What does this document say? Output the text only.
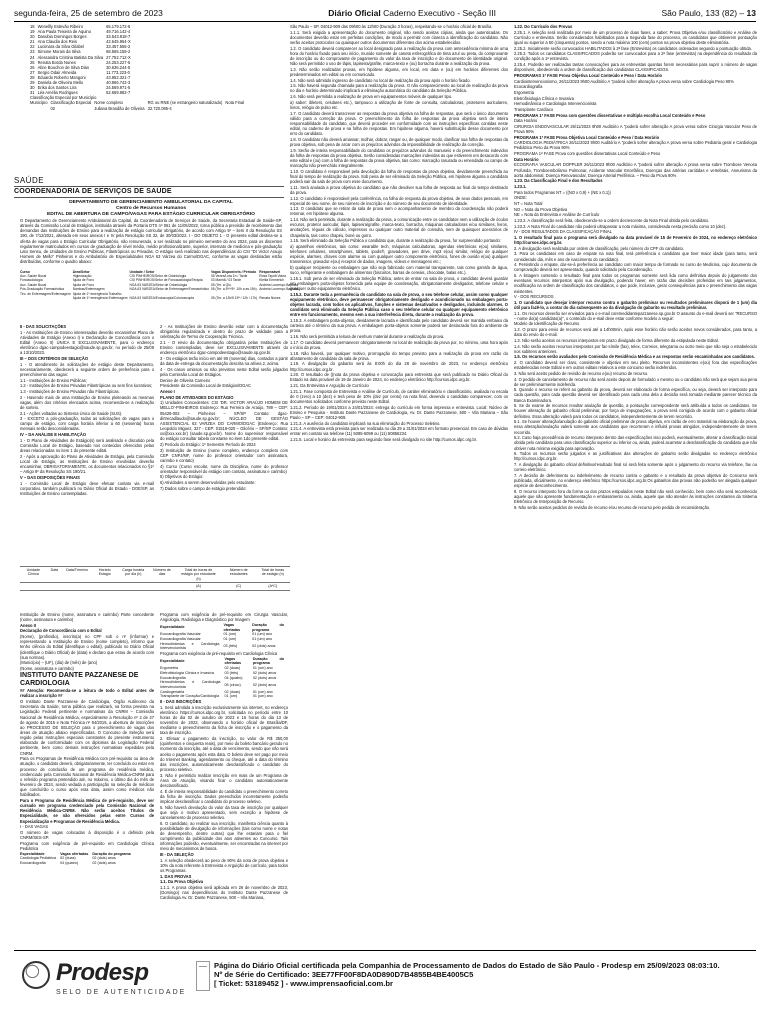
segunda-feira, 25 de setembro de 2023	Diário Oficial Caderno Executivo - Seção III	São Paulo, 133 (82) – 13
18	Wenellly Estevão Ribeiro	65.179.172-8
19	Ana Paula Teixeira de Aquino	49.716.142-4
20	Danubia Domingos Borges	33.643.818-7
21	Ana Claudia dos Reis	42.645.964-X
22	Lucimara da Silva Gilabel	33.457.555-2
23	Simone Morais da Silva	68.565.159-2
24	Alessandra Cristina Batista Da Silva	27.752.712-X
25	Renata Borda Nunes	24.253.227-5
26	Aline Bouchon de Silva Dias	30.636.244-5
27	Sergio Odair Almeida	11.773.223-0
28	Eduardo Roberto Mangoni	43.952.321-7
29	Daniela de Oliveira Mello	40.966.742-3
30	Erika dos Santos Lira	24.569.971-5
31	Léa Amélia Rodrigues	52.669.882-7
Classificação Especial por Município
Município	Classificação Especial	Nome completo	RG ou RNE (se estrangeiro naturalizado)	Nota Final
	02	Juliana Brandão de Oliveira	32.720.085-4	
SAÚDE
COORDENADORIA DE SERVIÇOS DE SAÚDE
DEPARTAMENTO DE GERENCIAMENTO AMBULATORIAL DA CAPITAL
Centro de Recursos Humanos
EDITAL DE ABERTURA DE CAMPO/VAGAS PARA ESTÁGIO CURRICULAR OBRIGATÓRIO
O Departamento de Gerenciamento Ambulatorial da Capital, da Coordenadoria de Serviços de Saúde, da Secretaria Estadual de Saúde-SP, através da Comissão Local de Estágios, instituída através da Portaria DTS nº 061 de 11/05/2022, torna pública a previsão de recebimento das demandas das Instituições de Ensino para a realização de estágio curricular obrigatório, de acordo com Artigo 5º – item II da Resolução SS 190, de 7/12/2021, alterada em seus anexos I e IV pela Resolução SS 32, de 30/03/2022. I - DO OBJETO 1 - O presente edital destina-se a oferta de vagas para o Estágio Curricular Obrigatório, não remunerado, a ser realizado no primeiro semestre do ano 2024, para os discentes regularmente matriculados em cursos de graduação de nível médio, médio profissionalizante, superior, internato de medicina e pós-graduação Lato Sensu, de Unidades de Ensino Públicas, Filantrópicas ou Privadas. O estágio será realizado nas dependências do CSI "Dr Victor Araujo Homem de Mello" Pinheiros e do Ambulatório de Especialidades NGA 63 Várzea do Carmo/DGAC, conforme as vagas destinadas estão distribuídas, conforme o quadro abaixo:
Curso	Área/Setor	Unidade / Setor	Vagas Disponíveis / Período	Responsável
Aux. Saúde Bucal	Higienização	CSI PINHEIROS/Setor de Odontologia	05 Vezes/Lota 1h / Tarde	Rosa Taynã Viana
Fonoaudiologia	Ajuda de Fono	CSI PINHEIROS/Setor de Fonoaudiologia/Terapia	03 Manhã / 03 Tarde	Kleitia Emmerich
Aux. Saúde Bucal	Ajuda de Fono	NGA 63 VARZEA/Setor de Odontologia	05 (Ter. a Qlo.	Andreia Lourenço Baptista
Pós-Graduação Farmacêutica	Bombas/Enfermagem	NGA 63 VARZEA/Setor de Enfermagem/Farmacêutico	05 (Ter. a 5ª/+5ª, 10h a as 15h)	Andreia Lourenço Baptista
Téc. de Enfermagem/Enfermagem	Ajuda de 1º emergência Trabalho			
	Ajuda de 1º emergência Enfermagem	NGA 63 VARZEA/Endoscopia/Colonoscopia	05 (Ter. a 12h/5 15ª / 12h / 17h)	Renata Nunes

II - DAS SOLICITAÇÕES

1 - As Instituições de Ensino interessadas deverão encaminhar Plano de Atividades de Estágio (Anexo I) e Declaração de Concordância com o Edital (Anexo II) ÚNICA E EXCLUSIVAMENTE, para o endereço eletrônico dgac-campodeestagio@saude.sp.gov.br, no período de 25/09 a 13/10/2023.

III – DOS CRITÉRIOS DE SELEÇÃO

1 - O atendimento às solicitações de estágio deste Departamento, necessariamente, obedecerá a seguinte ordem de preferência para o preenchimento das vagas:

1.1 - Instituições de Ensino Públicas;

1.2 - Instituições de Ensino Privadas Filantrópicas ou sem fins lucrativos;

1.3 - Instituições de Ensino Privadas não Filantrópicas.

2 - Havendo mais de uma Instituição de Ensino pleiteando as mesmas vagas, além dos critérios elencados acima, recomenda-se a realização de sorteio.

2.1 - Ações voltadas ao Sistema Único de Saúde (SUS).

3 - EXCETO a pós-graduação, todas as solicitações de vagas para o campo de estágio, com carga horária inferior a 60 (sessenta) horas mensais serão desconsideradas.

IV – DA ANÁLISE E HABILITAÇÃO

1 - O Plano de Atividades de Estágio(s) será analisado e discutido pela Comissão Local de Estágio, baseado nos conteúdos oferecidos pelas áreas relacionadas no item 1 do presente edital.

2 - Após a aprovação do Plano de Atividades de Estágio, pela Comissão Local de Estágio, as Instituições de Ensino envolvidas deverão encaminhar, OBRIGATORIAMENTE, os documentos relacionados no §1º – Artigo 8º da Resolução SS 190/21.

V – DAS DISPOSIÇÕES FINAIS

1 - Comissão Local de Estágio deve efetuar contato via e-mail corporativo, também publicará no Diário Oficial do Estado - DOE/SP, as Instituições de Ensino contempladas.

2 - As Instituições de Ensino deverão estar com a documentação obrigatória regularizada e dentro do prazo de validade para a celebração de Termo de Cooperação Técnica.

2.1 - O envio da documentação obrigatória pelas Instituições de Ensino contempladas, deve ser EXCLUSIVAMENTE através do endereço eletrônico dgac-campodeestagio@saude.sp.gov.br.

3 - Os estágios terão início em até 90 (noventa) dias, contados a partir da data de entrega da documentação descrita na alínea 2, acima.

4 - Os casos omissos ou não previstos neste Edital serão julgados pela Comissão Local de Estágios.

Denise de Oliveira Carneiro

Presidente da Comissão Local de Estágios/DGAC

Anexo I

PLANO DE ATIVIDADES DO ESTÁGIO

1) Unidades Concedentes: CSI 'DR. VICTOR ARAÚJO HOMEM DE MELLO'-PINHEIROS Endereço: Rua Ferreira de Araújo, 789 – CEP: 05428-002 – Pinheiros – SP/SP Contato: dgac-dirtrecadlaudo@saude.sp.gov.br; NÚCLEO DE GESTÃO ASSISTENCIAL 63 VARZEA DO CARMO/DGAC (Endereço: Rua Leopoldo Miguez, 327 - CEP: 01518-020 – Glicério – SP/SP Contato: xx@xxx.xxx.br) (saude.sp.gov.br). Nome do supervisor responsável do estágio consultar tabela constante no item 1do presente edital.

2) Período do Estágio: 1º Semestre Período de 2024

3) Instituição de Ensino (nome completo, endereço completo com CEP CNPJ/MF, nome do professor orientador com assinatura, carimbo e contato)

4) Curso (Curso escolar, nome da Disciplina, nome do professor orientador responsável do estágio com contato, assinatura e carimbo)

5) Objetivos do Estágio:

6) Atividades a serem desenvolvidas pelo estudante:

7) Dados sobre o campo de estágio pretendido:

Unidade Clínica	Data	Data/Término	Horário Estágio	Carga horária por dia (h)	Número de dias	Total de horas de estágio por estudante (h)	Número de estudantes	Total de horas de estágio (h)
						(A)	(C)	(A*C)

Instituição de Ensino (nome, assinatura e carimbo) Parte concedente (nome, assinatura e carimbo)

Anexo II

Declaração de Concordância com o Edital

(Nome), (profissão), inscrito(a) no CPF sob o nº (informar) e representando a Instituição de Ensino (nome completo), informo que tenho ciência do Edital (identifique o edital), publicado no Diário Oficial (identifique o Diário Oficial) de (data) e declaro que estou de acordo com (sua normas).

(Município) – (UF), (dia) de (mês) de (ano)

(Nome, assinatura e carimbo)

INSTITUTO DANTE PAZZANESE DE CARDIOLOGIA

## Atenção: Recomenda-se a leitura de todo o Edital antes de realizar a inscrição ##

O Instituto Dante Pazzanese de Cardiologia, Órgão Autônomo da Secretaria da Saúde, torna pública que realizará, na forma prevista na Legislação Federal pertinente e normativas da CNRM – Comissão Nacional de Residência Médica, especialmente a Resolução nº 2 de 27 de agosto de 2015 e Nota Técnica nº 94/2015, a abertura de inscrições ao PROCESSO DE SELEÇÃO para o preenchimento de vagas dos áreas de atuação abaixo especificadas. O Concurso de Seleção será regido pelas Instruções especiais constantes do presente instrumento elaborado de conformidade com os diplomas da Legislação Federal pertinente, bem como demais instruções normativas expedidas pela CNRM.

Para os Programas de Residência Médica com pré-requisito ou área de atuação, o candidato deverá, obrigatoriamente, ter concluído ou estar em processo de conclusão de um programa de residência médica, credenciado pela Comissão Nacional de Residência Médica-CNRM para o referido programa pretendido até, no máximo, o último dia do mês de fevereiro de 2024, sendo vedada a participação na seleção de médicos que concluírão o curso após esta data, assim como médicos não habilitados.

Para o Programa de Residência Médica de pré-requisito, deve ser cursado em programa credenciado pela Comissão Nacional de Residência Médica-CNRM. Não serão aceitos Títulos de Especialidade, se não oferecidos pelas entre Cursos de Especialização e Programas de Residência Médica.

I - DAS VAGAS

O número de vagas colocadas à disposição é o definido pela CNRM/SES-SP.

Programa com exigência de pré-requisito em Cardiologia Clínica Pediátrica

Especialidade	Vagas ofertadas	Duração do programa
Cardiologia Pediátrica	02 (duas)	02 (dois) anos
Ecocardiografia	04 (quatro)	02 (dois) anos

Programa com exigência de pré-requisito em Cirurgia Vascular, Angiologia, Radiologia e Diagnóstico por Imagem

Especialidade	Vagas ofertadas	Duração do programa
Ecocardiografia Vascular	01 (um)	01 (um) ano
Ecocardiografia Vascular	01 (um)	01 (um) ano
Hemodinâmica e Cardiologia Intervencionista	03 (três)	02 (dois) anos

Programa com exigência de pré-requisito em Cardiologia Clínica

Especialidade	Vagas ofertadas	Duração do programa
Ergometria	02 (duas)	01 (um) ano
Eletrofisiologia Clínica e Invasiva	03 (três)	02 (dois) anos
Ecocardiografia	04 (quatro)	02 (dois) anos
Hemodinâmica e Cardiologia Intervencionista	05 (cinco)	02 (dois) anos
Cardiogeriatria	02 (duas)	01 (um) ano
Transplante de Coração/Cardiologia	01 (um)	01 (um) ano

II - DAS INSCRIÇÕES

1. Será admitida a inscrição exclusivamente via internet, no endereço eletrônico https://cursos.idpc.org.br, solicitada no período entre 10 horas do dia 02 de outubro de 2023 e 16 horas do dia 13 de novembro de 2023, observando o horário oficial de Brasília/DF, mediante o preenchimento da ficha de inscrição e o pagamento da taxa de inscrição.

2. Efetuar o pagamento da inscrição, no valor de R$ 350,00 (quinhentos e cinquenta reais), por meio do boleto bancário gerado no momento da inscrição, até a data de vencimento, sendo que não será aceito o pagamento após esta data. O boleto deve ser pago por meio do Internet Banking, agendamento ou cheque, até a data do término das inscrições, automaticamente desclassificado o candidato do processo seletivo.

3. Não é permitido realizar inscrição em mais de um Programa de Área de Atuação, visando ficar o candidato automaticamente desclassificado.

4. É de inteira responsabilidade do candidato o preenchimento correto da ficha de inscrição. Dados preenchidos incorretamente poderão implicar desclassificar o candidato do processo seletivo.

5. Não haverá devolução do valor da taxa de inscrição por qualquer que seja o motivo apresentado, sem exceção a hipótese de cancelamento do processo seletivo.

6. O candidato, ao realizar sua inscrição, manifesta ciência quanto à possibilidade de divulgação de informações (tais como nome e notas de desempenho, dentre outras) que lhe estariam para o fiel cumprimento da publicidade dos atos atinentes ao Concurso. Tais informações poderão, eventualmente, ser encontradas na internet por meio de mecanismos de busca.

III - DA SELEÇÃO

1. A seleção obedecerá ao peso de 90% da nota de prova objetiva e 10% da nota referente à Entrevista e Arguição de currículo, para todos os Programas.

1. DAS PROVAS

1.1. Da Prova Objetiva

1.1.1. A prova objetiva será aplicada em 26 de novembro de 2023, (Domingo) nas dependências do Instituto Dante Pazzanese de Cardiologia Av. Dr. Dante Pazzanese, 500 – Vila Mariana,

São Paulo – SP, 04012-909 das 09h00 às 12h00 (Duração 3 horas), respeitando-se o horário oficial de Brasília.

1.1.1. Será exigida a apresentação do documento original, não sendo aceitas cópias, ainda que autenticadas. Os documentos deverão estar em perfeitas condições, de modo a permitir com clareza a identificação do candidato. Não serão aceitos protocolos ou quaisquer outros documentos diferentes dos acima estabelecidos.

1.2. O candidato deverá comparecer ao local designado para a realização da prova com antecedência mínima de uma hora do horário fixado para seu início, munido somente de caneta esferográfica de tinta azul ou preta, do comprovante de inscrição ou do comprovante de pagamento do valor da taxa de inscrição e do documento de identidade original. Não será permitido o uso de lápis, lapiseira/grafite, marca-texto e (ou) borracha durante a realização da prova.

1.3. Não serão realizadas provas, em hipótese alguma, em local, em data e (ou) em horários diferentes dos predeterminados em edital ou em comunicado.

1.4. Não será admitido ingresso de candidato no local de realização da prova após o horário fixado.

1.5. Não haverá segunda chamada para a realização da prova. O não comparecimento ao local de realização da prova no dia e horário determinado implicará a eliminação automática do candidato da Seleção Pública.

1.6. Não será permitida a realização de prova em equipamentos móveis de qualquer tipo.

a) saber: ibleters, celulares etc.), tampouco a utilização de fonte de consulta, calculadoras, protetores auriculares, livros, relógio de pulso etc.

1.7. O candidato deverá transcrever as respostas da prova objetiva na folha de respostas, que será o único documento válido para a correção da prova. O preenchimento da folha de respostas da prova objetiva será de inteira responsabilidade do candidato, que deverá proceder em conformidade com as instruções específicas contidas neste edital, no caderno de prova e na folha de respostas. Em hipótese alguma, haverá substituição desse documento por erro do candidato.

1.8. O candidato não deverá amassar, molhar, dobrar, rasgar ou, de qualquer modo, danificar sua folha de respostas da prova objetiva, sob pena de arcar com os prejuízos advindos da impossibilidade de realização da correção.

1.9. Serão de inteira responsabilidade do candidato os prejuízos advindos do manuseio e do preenchimento indevidos da folha de respostas da prova objetiva. Serão consideradas marcações indevidas as que estiverem em desacordo com este edital e (ou) com a folha de respostas da prova objetiva, tais como: marcação rasurada ou emendada ou campo de marcação não preenchido integralmente.

1.10. O candidato é responsável pela devolução da folha de respostas da prova objetiva, devidamente preenchida ao final do tempo de realização da prova. Sob pena de ser eliminado da Seleção Pública, em hipótese alguma o candidato poderá sair da sala de prova com esse documento.

1.11. Será anulada a prova objetiva do candidato que não devolver sua folha de resposta ao final do tempo destinado da prova.

1.12. O candidato é responsável pela conferência, na folha de resposta da prova objetiva, de seus dados pessoais, em especial de seu nome, de seu número de inscrição e do número de seu documento de identidade.

1.13. O candidato que se retirar da sala de prova sem o acompanhamento de membro da coordenação não poderá retornar, em hipótese alguma.

1.14. Não será permitida, durante a realização da prova, a comunicação entre os candidatos nem a utilização de óculos escuros, protetor auricular, lápis, lapiseira/grafite, marca-texto, borracha, máquinas calculadoras e/ou similares, livros, anotações, réguas de cálculo, impressos ou qualquer outro material de consulta, nem de quaisquer acessórios de chapelaria, tais como chapéu, boné ou gorro.

1.15. Será eliminado da Seleção Pública o candidato que, durante a realização da prova, for surpreendido portando:

a) aparelhos eletrônicos, tais como: wearable tech, máquinas calculadoras, agendas eletrônicas e(ou) similares, telefones celulares, smartphones, tablets, ipods®, gravadores, pen drive, mp3 e(ou) similar, relógio de qualquer espécie, alarmes, chaves com alarme ou com qualquer outro componente eletrônico, fones de ouvido e(ou) qualquer transmissor, gravador e(ou) receptor de dados, imagens, vídeos e mensagens etc.;

b) qualquer recipiente ou embalagem que não seja fabricado com material transparente, tais como garrafa de água, suco, refrigerante e embalagem de alimentos (biscoitos, barras de cereais, chocolate, balas etc.).

1.15.1. Sob pena de ser eliminado da Seleção Pública, antes de entrar na sala de prova, o candidato deverá guardar em embalagem porta-objetos fornecida pela equipe de coordenação, obrigatoriamente desligados, telefone celular e qualquer outro equipamento eletrônico.

1.15.2. Durante toda a permanência do candidato na sala de prova, o seu telefone celular, assim como qualquer equipamento eletrônico, deve permanecer obrigatoriamente desligado e acondicionado na embalagem porta-objetos lacrada, com todos os aplicativos, funções e sistemas desativados e desligados, incluindo alarmes. O candidato será eliminado da Seleção Pública caso o seu telefone celular ou qualquer equipamento eletrônico entre em funcionamento, mesmo sem a sua interferência direta, durante a realização da prova.

1.15.3. A embalagem porta-objetos, devidamente lacrada e identificada pelo candidato deverá ser mantida embaixo da carteira até o término da sua prova. A embalagem porta-objetos somente poderá ser deslacrada fora do ambiente de prova.

1.16. Não será permitida a leitura de nenhum material durante a realização da prova.

1.17. O candidato deverá permanecer obrigatoriamente no local de realização da prova por, no mínimo, uma hora após o início da prova.

1.18. Não haverá, por qualquer motivo, prorrogação do tempo previsto para a realização da prova em razão do afastamento de candidato da sala de prova.

1.19. A divulgação do gabarito será às 8:00h do dia 28 de novembro de 2023, no endereço eletrônico http://cursos.idpc.org.br.

1.20. O resultado de ((nota da prova objetiva e convocação para entrevista que será publicado no Diário Oficial do Estado na data provável de 19 de Janeiro de 2024, no endereço eletrônico http://cursos.idpc.org.br.

1.21. Da Entrevista e Arguição de Currículo

1.21.1. Fase composta de Entrevista e Análise de Currículo, de caráter eliminatório e classificatório, avaliada no escala de 0 (zero) a 10 (dez) e terá peso de 10% (dez por cento) na nota final, devendo o candidato comparecer, com os documentos solicitados conforme previsto neste Edital.

1.21.2. Período de 19/01/2024 a 24/01/2024: entrega do currículo em forma impressa e entrevista. Local: Núcleo de Ensino e Pesquisa - Instituto Dante Pazzanese de Cardiologia, Av. Dr. Dante Pazzanese, 500 – Vila Mariana – São Paulo – SP – CEP: 04012-909.

1.21.3. A ausência do candidato implicará na sua eliminação do Processo Seletivo.

1.21.4. A entrevista está prevista para ser realizada no dia 29 a 31/01/2024 em formato presencial. Em caso de dúvidas entrar em contato via telefone (11) 5085-6099 ou (11) 50856234.

1.21.5. Local e horário da entrevista para seguindo fase será divulgado no site http://cursos.idpc.org.br.

1.22. Do Currículo dos Provas

2.25.1. A seleção será realizada por meio de um processo de duas fases, a saber: Prova Objetiva e/ou classificatório e Análise de Currículo e entrevista. Serão considerados habilitados para a Segunda fase do processo, os candidatos que obtiverem pontuação igual ou superior a 50 (cinquenta) pontos, sendo a nota máxima 100 (cem) pontos na prova objetiva deste eliminatória.

2.25.2. Inicialmente serão convocados HABILITADOS à 2ª fase (Entrevista) os candidatos ordenados segundo a pontuação obtida.

2.25.3. Todos os candidatos CLASSIFICADOS poderão ser convocados para a 2ª fase (entrevista) na dependência do resultado da condição após a 1ª entrevista.

2.25.4. Poderão ser realizadas tantas convocações para as entrevistas quantas forem necessárias para suprir o número de vagas disponíveis, obedecendo a ordem de classificação dos candidatos CLASSIFICADOS.

PROGRAMAS 1ª FASE Prova Objetiva Local Conteúdo e Peso / Data Horário

Cardiointervencionismo, 26/11/2023 9h00 Auditório A "poderá sofrer alteração A prova versa sobre Cardiologia Peso 90%

Ecocardiografia

Ergometria

Eletrofisiologia Clínica e Invasiva

Hemodinâmica e Cardiologia Intervencionista

Transplante Cardíaco

PROGRAMA 1ª FASE Prova com questões dissertativas e múltipla escolha Local Conteúdo e Peso

Data Horário

CIRURGIA ENDOVASCULAR 26/11/2023 9h00 Auditório A "poderá sofrer alteração A prova versa sobre Cirurgia Vascular Peso de Prova 90%

PROGRAMA 1ª FASE Prova Objetiva Local Conteúdo e Peso / Data Horário

CARDIOLOGIA PEDIÁTRICA 26/11/2023 9h00 Auditório A "poderá sofrer alteração A prova versa sobre Pediatria geral e Cardiologia Pediátrica Peso da Prova 90%

PROGRAMA 1ª FASE Prova com questões dissertativas Local Conteúdo e Peso

Data Horário

ECOGRAFIA VASCULAR DOPPLER 26/11/2023 9h00 Auditório A "poderá sofrer alteração A prova versa sobre Trombose Venosa Profunda, Tromboembolismo Pulmonar, Acidente Vascular Encefálico, Doenças das artérias carótidas e vertebrais, Aneurisma da aorta abdominal, Doença Renovascular, Doença Arterial Periférica. – Peso da Prova 90%

1.23. Da Classificação Final e dos Resultados

1.23.1.

Para todos Programas NT = ((NO x 0,9) + (NE x 0,1))

ONDE:

NT = Nota Total

NO = Nota da Prova Objetiva

NE = Nota da Entrevista e Análise de Currículo

1.23.2. A classificação será feita, obedecendo-se a ordem decrescente da Nota Final obtida pelo candidato.

1.23.3. A Nota Final do candidato não poderá ultrapassar a nota máxima, considerada nesta precisão como 10 (dez).

IV - DOS RESULTADOS DA CLASSIFICAÇÃO FINAL

1. O resultado final para o programa será divulgado na data provável de 15 de Fevereiro de 2024, no endereço eletrônico http://cursos.idpc.org.br.

2. A divulgação será realizada por ordem de classificação, pelo número do CPF do candidato.

3. Para os candidatos em caso de empate na nota final, terá preferência o candidato que tiver maior idade (para tanto, será considerado dia, mês e ano de nascimento do candidato).

4. Persistindo o empate, dar-se-á preferência ao candidato com maior tempo de formado no curso de Medicina, cujo documento de comprovação deverá ser apresentado, quando solicitado pela Coordenação.

5. A listagem contendo o resultado final para todos os programas somente será lida como definitiva depois do julgamento dos eventuais recursos interpostos após sua divulgação, podendo haver, em razão das decisões proferidas em tais julgamentos, modificação na ordem de classificação dos candidatos, o que pode, inclusive, gerar consequências para o preenchimento das vagas existentes.

V - DOS RECURSOS

1. O candidato que desejar interpor recurso contra o gabarito preliminar ou resultados preliminares disporá de 1 (um) dia útil para fazê-lo, a contar do dia subsequente ao da divulgação do gabarito ou resultado preliminar.

1.1. Os recursos deverão ser enviados para o e-mail coremedidantepazzanese.sp.gov.br O assunto do e-mail deverá ser "RECURSO – nome do(a) candidato(a)", o conteúdo do e-mail deve estar conforme modelo a seguir:

Modelo de Identificação de Recurso

1.2. O prazo para envio de recursos será até a 14h00min, após esse horário não serão aceitos novos considerados, para tanto, a data do envio do e-mail.

1.3. Não serão aceitos os recursos interpostos em prazo divulgado de forma diferente da estipulada neste Edital.

1.4. Não serão aceitos recursos interpostos por fac-símile (fax), telex, Correios, telegrama ou outro meio que não seja o estabelecido nos subitens anteriores.

1.5. Os recursos serão avaliados pelo Comissão de Residência Médica e as respostas serão encaminhadas aos candidatos.

2. O candidato deverá ser claro, consistente e objetivo em seu pleito. Recursos inconsistentes e(ou) fora das especificações estabelecidas neste Edital e em outros editais relativos a este concurso serão indeferidos.

3. Não será aceito pedido de revisão de recurso e(ou) recurso de recurso.

4. O pedido de cancelamento de recurso não será aceito depois de formulado o mesmo ou o candidato não será que sejam sua pena de ser preliminarmente indeferida.

5. Quando o recurso se referir ao gabarito da prova, deverá ser elaborado de forma específica, ou seja, deverá ser interposto para cada questão, para cada questão deverá ser identificado para cada uma dela a decisão será tomada mediante parecer técnico da Banca Examinadora.

5. Se do exame de recursos resultar anulação de questão, a pontuação correspondente será atribuída a todos os candidatos. Se houver alteração do gabarito oficial preliminar, por força de impugnações, a prova será corrigida de acordo com o gabarito oficial definitivo. Essa alteração valerá para todos os candidatos, independentemente de terem recorrido.

5.1. Se houver alteração/anulação do gabarito oficial preliminar de prova objetiva, em razão de erro material na elaboração da prova, essa alteração/anulação valerá somente aos candidatos que recorreram e influirá provas atingidos, independentemente de terem recorrido.

5.2. Caso haja procedência de recurso interposto dentro das especificações isso poderá, eventualmente, alterar a classificação inicial obtida pelo candidato para uma classificação superior ou inferior ou, ainda, poderá acarretar a desclassificação do candidato que não obtiver nota mínima exigida para aprovação.

6. Todos os recursos serão julgados e as justificativas das alterações de gabarito serão divulgadas no endereço eletrônico http://cursos.idpc.org.br.

7. A divulgação do gabarito oficial definitivo/resultado final só será feita somente após o julgamento do recurso via telefone, fax ou correio eletrônico.

7. A decisão de deferimento ou indeferimento de recurso contra o gabarito e o resultado da prova objetiva do Concurso será publicada, oficialmente, no endereço eletrônico https://cursos.idpc.org.br.Os gabaritos das provas não poderão ser alegada qualquer espécie de desconhecimento.

8. O recurso interposto fora da forma ou dos prazos estipulados neste Edital não será conhecido, bem como não será reconhecido aquele que não apresente fundamentação e embasamento ou, ainda, aquele que não atender às instruções constantes da Sistema Eletrônico de Interposição de Recurso.

9. Não serão aceitos pedidos de revisão de recurso e/ou recurso de recurso pelo pedido de reconsideração.

Prodesp
SELO DE AUTENTICIDADE
Página do Diário Oficial certificada pela Companhia de Processamento de Dados do Estado de São Paulo - Prodesp em 25/09/2023 08:03:10.
Nº de Série do Certificado: 3EE77FF00F8DA0D890D7B4855B4BE4005C5
[ Ticket: 53189452 ] - www.imprensaoficial.com.br
